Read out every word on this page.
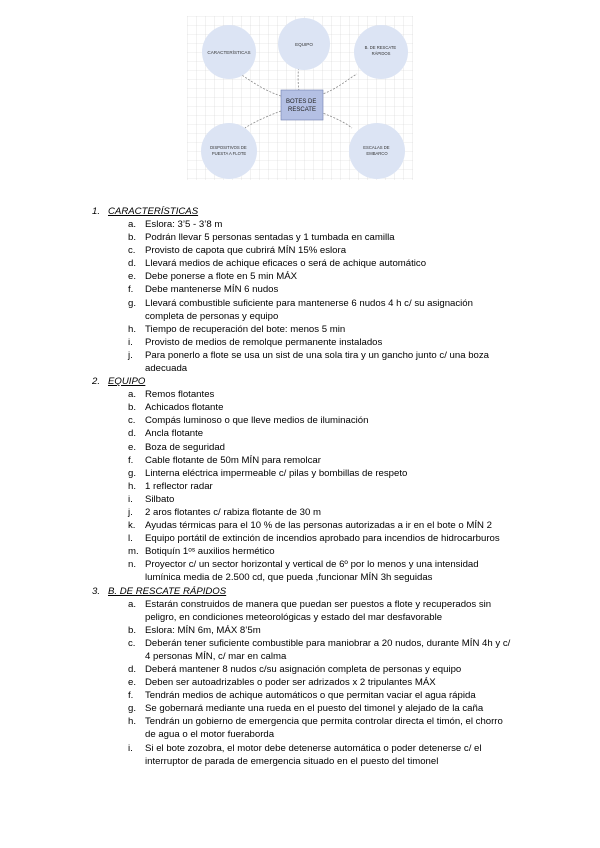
CARACTERÍSTICAS
EQUIPO
B. DE RESCATE RÁPIDOS
DISPOSITIVOS DE PUESTA A FLOTE
ESCALAS DE EMBARCO
BOTES DE RESCATE
1. CARACTERÍSTICAS
a. Eslora: 3’5 - 3’8 m
b. Podrán llevar 5 personas sentadas y 1 tumbada en camilla
c. Provisto de capota que cubrirá MÍN 15% eslora
d. Llevará medios de achique eficaces o será de achique automático
e. Debe ponerse a flote en 5 min MÁX
f. Debe mantenerse MÍN 6 nudos
g. Llevará combustible suficiente para mantenerse 6 nudos 4 h c/ su asignación completa de personas y equipo
h. Tiempo de recuperación del bote: menos 5 min
i. Provisto de medios de remolque permanente instalados
j. Para ponerlo a flote se usa un sist de una sola tira y un gancho junto c/ una boza adecuada
2. EQUIPO
a. Remos flotantes
b. Achicados flotante
c. Compás luminoso o que lleve medios de iluminación
d. Ancla flotante
e. Boza de seguridad
f. Cable flotante de 50m MÍN para remolcar
g. Linterna eléctrica impermeable c/ pilas y bombillas de respeto
h. 1 reflector radar
i. Silbato
j. 2 aros flotantes c/ rabiza flotante de 30 m
k. Ayudas térmicas para el 10 % de las personas autorizadas a ir en el bote o MÍN 2
l. Equipo portátil de extinción de incendios aprobado para incendios de hidrocarburos
m. Botiquín 1ᵒˢ auxilios hermético
n. Proyector c/ un sector horizontal y vertical de 6º por lo menos y una intensidad lumínica media de 2.500 cd, que pueda ,funcionar MÍN 3h seguidas
3. B. DE RESCATE RÁPIDOS
a. Estarán construidos de manera que puedan ser puestos a flote y recuperados sin peligro, en condiciones meteorológicas y estado del mar desfavorable
b. Eslora: MÍN 6m, MÁX 8’5m
c. Deberán tener suficiente combustible para maniobrar a 20 nudos, durante MÍN 4h y c/ 4 personas MÍN, c/ mar en calma
d. Deberá mantener 8 nudos c/su asignación completa de personas y equipo
e. Deben ser autoadrizables o poder ser adrizados x 2 tripulantes MÁX
f. Tendrán medios de achique automáticos o que permitan vaciar el agua rápida
g. Se gobernará mediante una rueda en el puesto del timonel y alejado de la caña
h. Tendrán un gobierno de emergencia que permita controlar directa el timón, el chorro de agua o el motor fueraborda
i. Si el bote zozobra, el motor debe detenerse automática o poder detenerse c/ el interruptor de parada de emergencia situado en el puesto del timonel
